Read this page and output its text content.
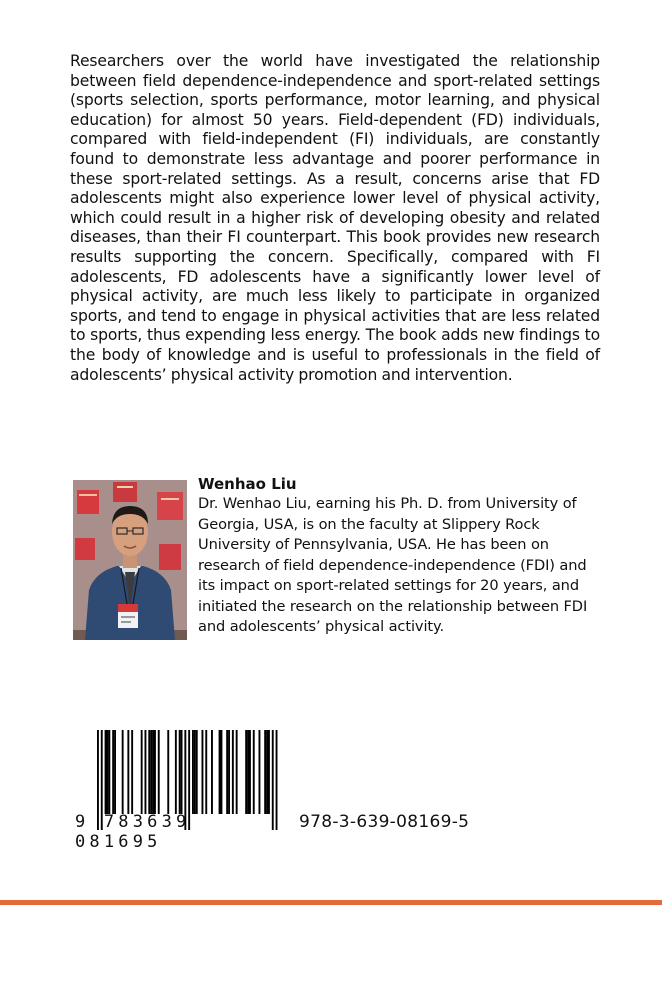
Researchers over the world have investigated the relationship between field dependence-independence and sport-related settings (sports selection, sports performance, motor learning, and physical education) for almost 50 years. Field-dependent (FD) individuals, compared with field-independent (FI) individuals, are constantly found to demonstrate less advantage and poorer performance in these sport-related settings. As a result, concerns arise that FD adolescents might also experience lower level of physical activity, which could result in a higher risk of developing obesity and related diseases, than their FI counterpart. This book provides new research results supporting the concern. Specifically, compared with FI adolescents, FD adolescents have a significantly lower level of physical activity, are much less likely to participate in organized sports, and tend to engage in physical activities that are less related to sports, thus expending less energy. The book adds new findings to the body of knowledge and is useful to professionals in the field of adolescents’ physical activity promotion and intervention.
Wenhao Liu
Dr. Wenhao Liu, earning his Ph. D. from University of Georgia, USA, is on the faculty at Slippery Rock University of Pennsylvania, USA. He has been on research of field dependence-independence (FDI) and its impact on sport-related settings for 20 years, and initiated the research on the relationship between FDI and adolescents’ physical activity.
9 783639 081695
978-3-639-08169-5
